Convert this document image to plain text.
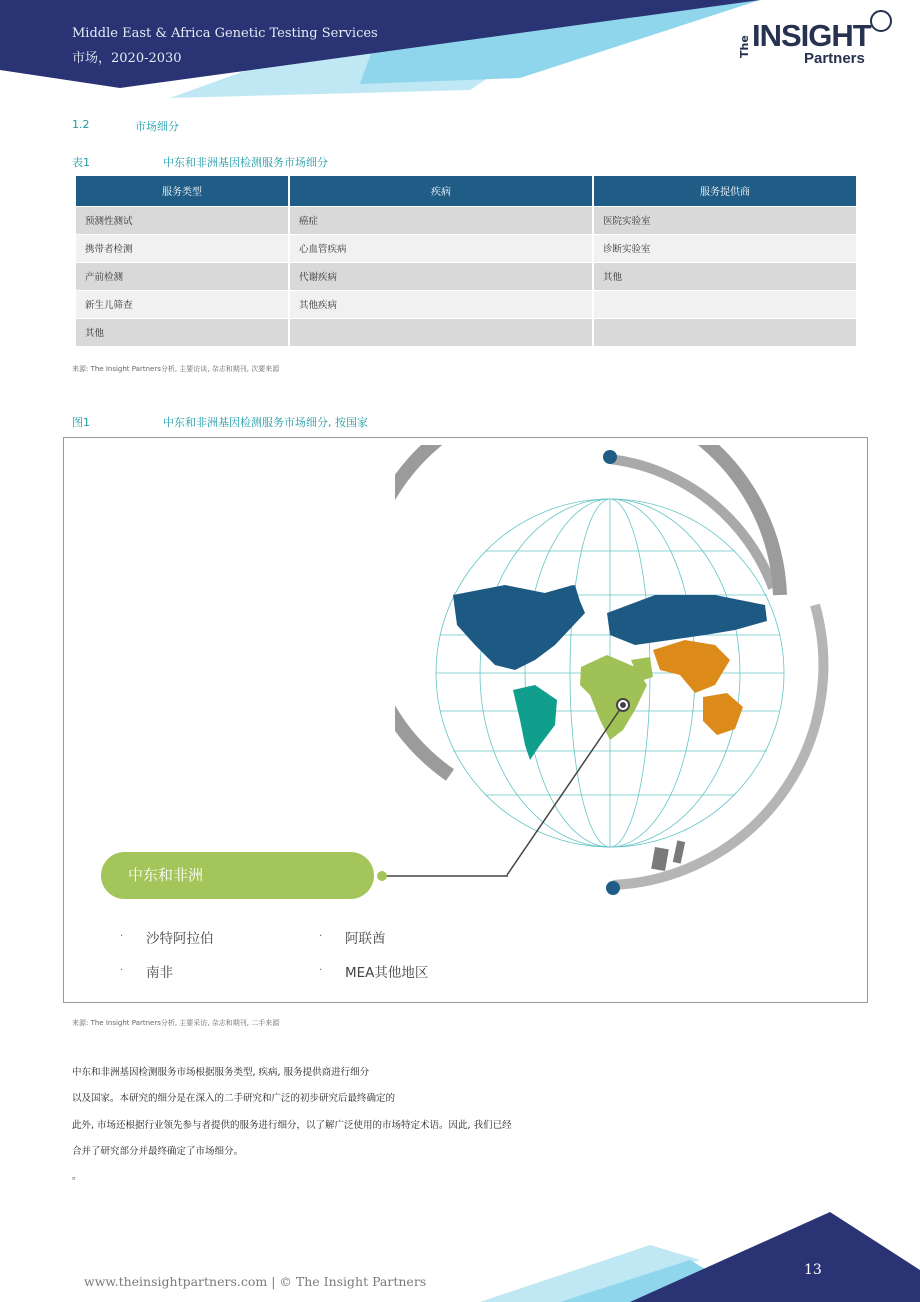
Middle East & Africa Genetic Testing Services
市场，2020-2030
The INSIGHT
Partners
1.2	市场细分
表1	中东和非洲基因检测服务市场细分
服务类型	疾病	服务提供商
预测性测试	癌症	医院实验室
携带者检测	心血管疾病	诊断实验室
产前检测	代谢疾病	其他
新生儿筛查	其他疾病	
其他		
来源: The Insight Partners分析, 主要访谈, 杂志和期刊, 次要来源
图1	中东和非洲基因检测服务市场细分, 按国家
中东和非洲
· 沙特阿拉伯	· 阿联酋
· 南非	· MEA其他地区
来源: The Insight Partners分析, 主要采访, 杂志和期刊, 二手来源
中东和非洲基因检测服务市场根据服务类型, 疾病, 服务提供商进行细分
以及国家。本研究的细分是在深入的二手研究和广泛的初步研究后最终确定的
此外, 市场还根据行业领先参与者提供的服务进行细分，以了解广泛使用的市场特定术语。因此, 我们已经
合并了研究部分并最终确定了市场细分。
。
www.theinsightpartners.com | © The Insight Partners
13
